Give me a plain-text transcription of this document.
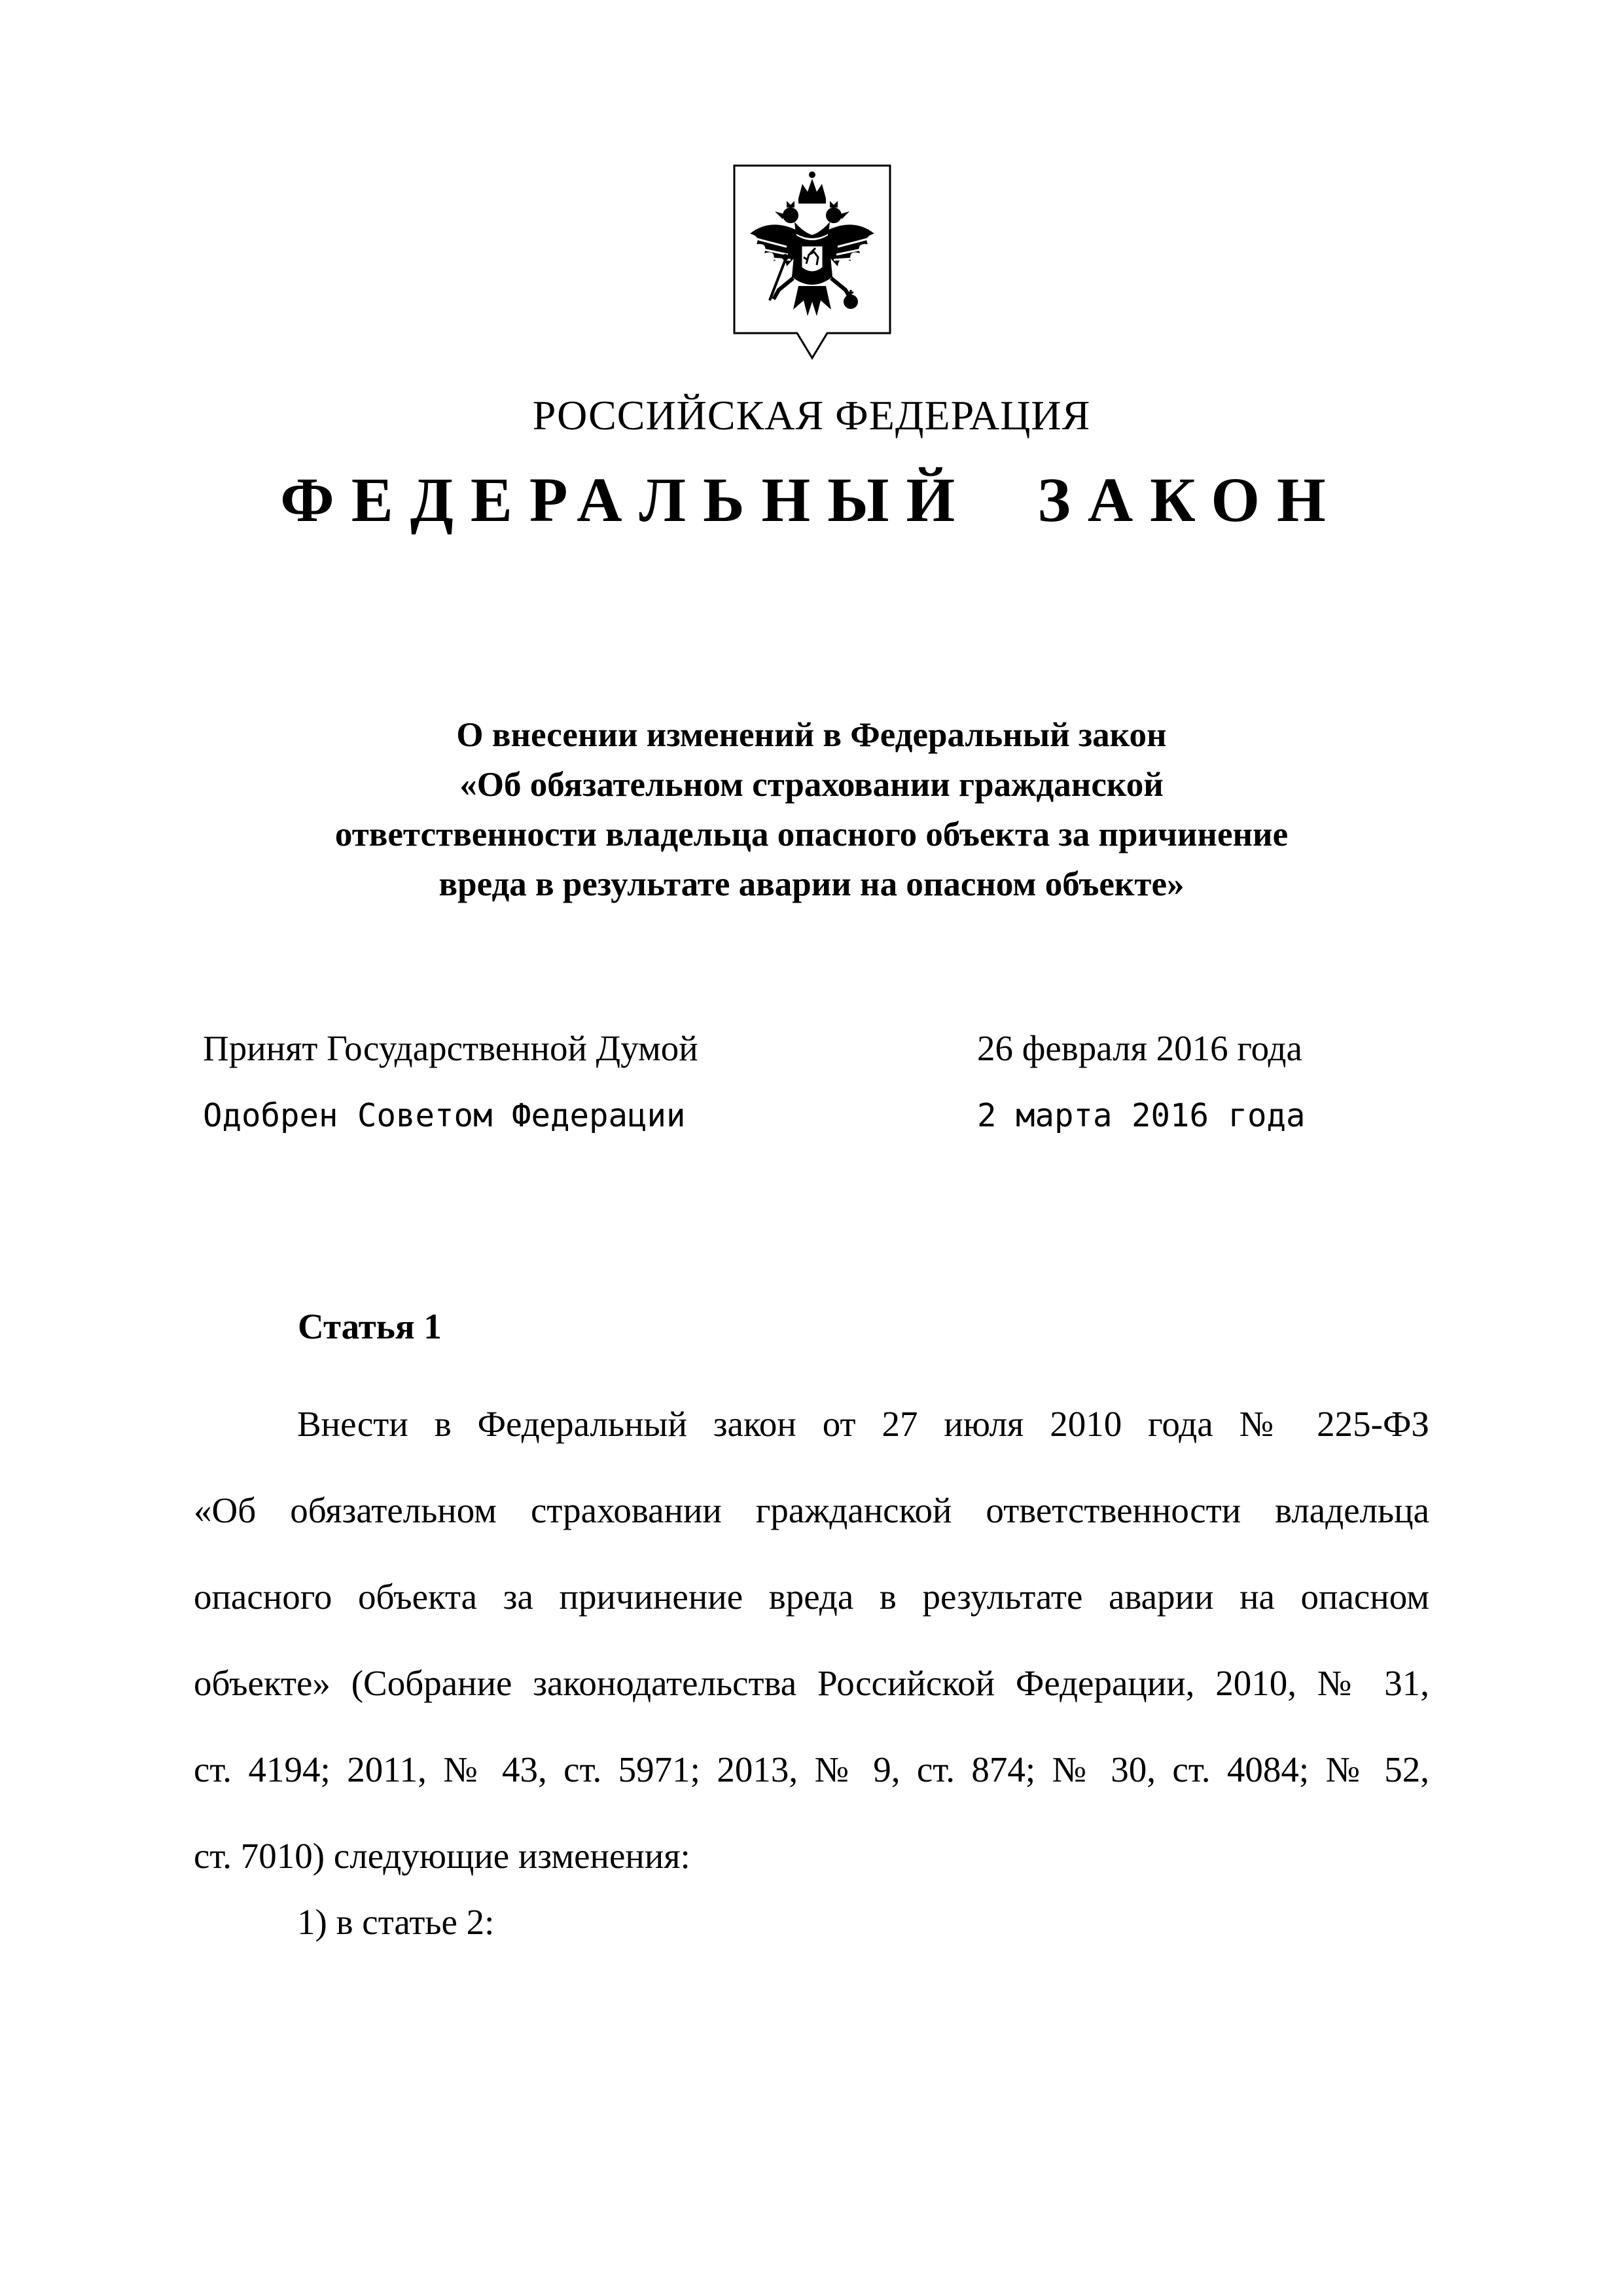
РОССИЙСКАЯ ФЕДЕРАЦИЯ
ФЕДЕРАЛЬНЫЙ  ЗАКОН
О внесении изменений в Федеральный закон
«Об обязательном страховании гражданской
ответственности владельца опасного объекта за причинение
вреда в результате аварии на опасном объекте»
Принят Государственной Думой	26 февраля 2016 года
Одобрен Советом Федерации	2 марта 2016 года
Статья 1
Внести в Федеральный закон от 27 июля 2010 года № 225-ФЗ
«Об обязательном страховании гражданской ответственности владельца
опасного объекта за причинение вреда в результате аварии на опасном
объекте» (Собрание законодательства Российской Федерации, 2010, № 31,
ст. 4194; 2011, № 43, ст. 5971; 2013, № 9, ст. 874; № 30, ст. 4084; № 52,
ст. 7010) следующие изменения:
1) в статье 2:
